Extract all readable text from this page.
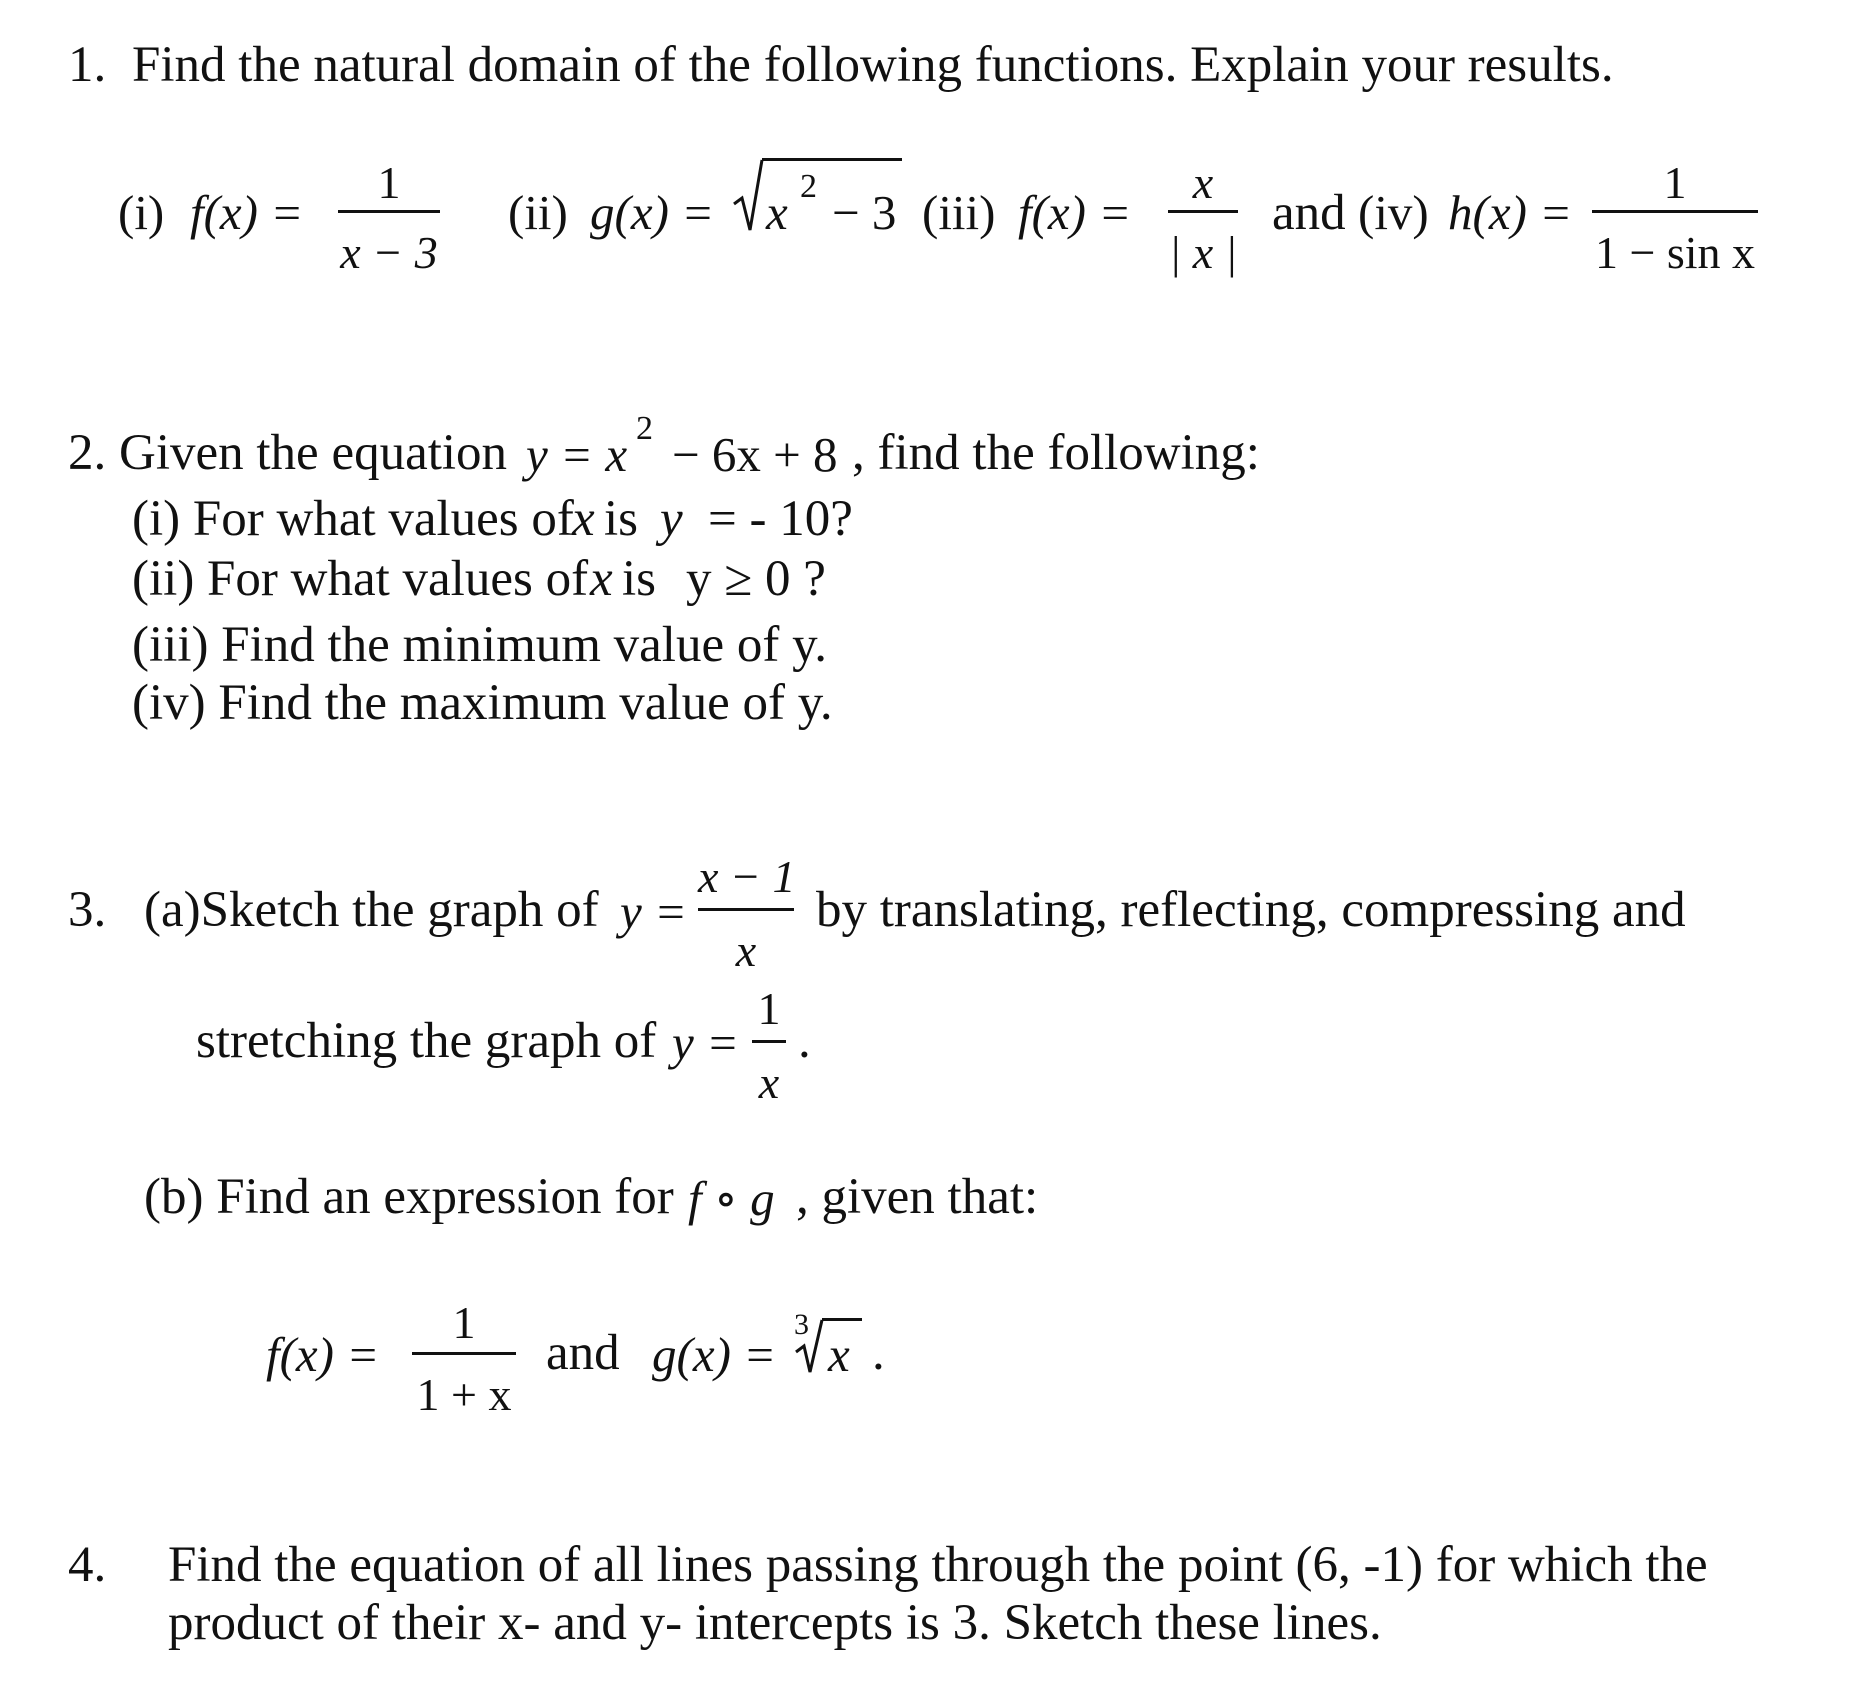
1. Find the natural domain of the following functions. Explain your results.
(i) f(x) =
1
x − 3
(ii) g(x) = x 2 − 3 (iii) f(x) =
x
| x |
and (iv) h(x) =
1
1 − sin x
2. Given the equation y = x 2 − 6x + 8 , find the following:
(i) For what values of
x is y = - 10?
(ii) For what values of x is y ≥ 0 ?
(iii) Find the minimum value of y.
(iv) Find the maximum value of y.
3. (a)Sketch the graph of y =
x − 1
x
by translating, reflecting, compressing and
stretching the graph of y =
1
x
.
(b) Find an expression for f ∘ g , given that:
f(x) =
1
1 + x
and g(x) =
3
x .
4. Find the equation of all lines passing through the point (6, -1) for which the
product of their x- and y- intercepts is 3. Sketch these lines.
